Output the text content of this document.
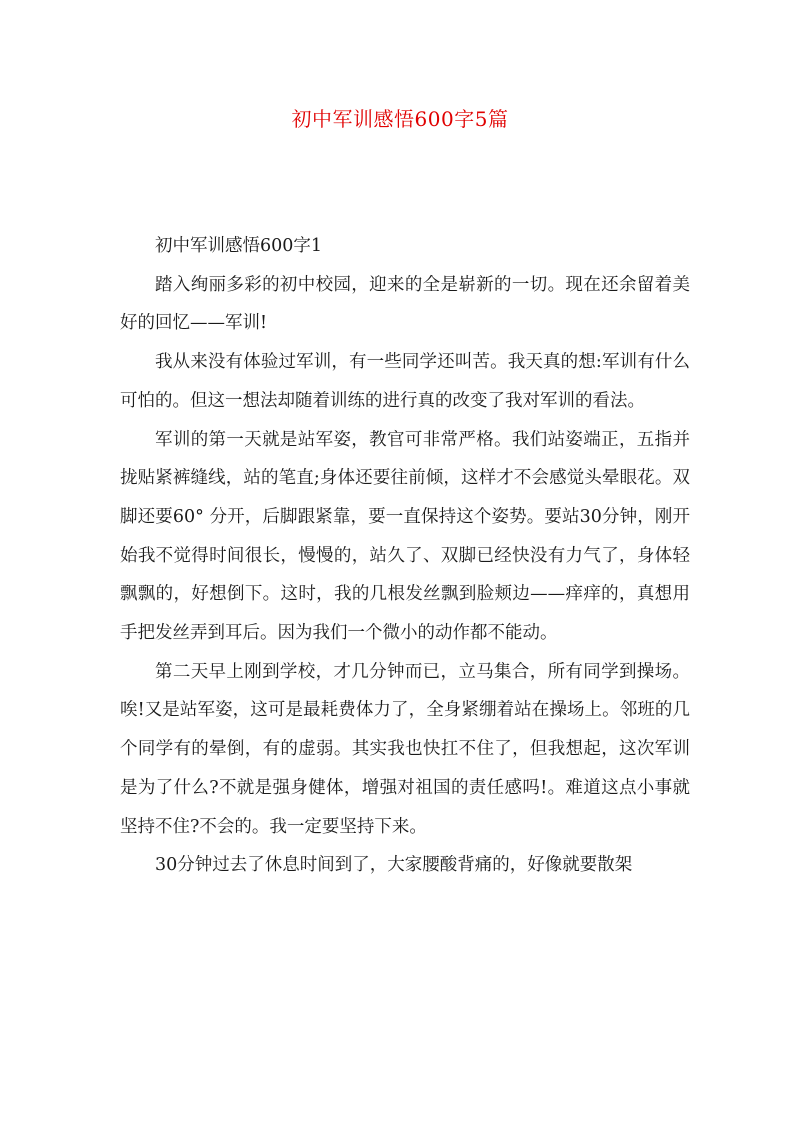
初中军训感悟600字5篇

初中军训感悟600字1

踏入绚丽多彩的初中校园，迎来的全是崭新的一切。现在还余留着美好的回忆——军训!

我从来没有体验过军训，有一些同学还叫苦。我天真的想:军训有什么可怕的。但这一想法却随着训练的进行真的改变了我对军训的看法。

军训的第一天就是站军姿，教官可非常严格。我们站姿端正，五指并拢贴紧裤缝线，站的笔直;身体还要往前倾，这样才不会感觉头晕眼花。双脚还要60° 分开，后脚跟紧靠，要一直保持这个姿势。要站30分钟，刚开始我不觉得时间很长，慢慢的，站久了、双脚已经快没有力气了，身体轻飘飘的，好想倒下。这时，我的几根发丝飘到脸颊边——痒痒的，真想用手把发丝弄到耳后。因为我们一个微小的动作都不能动。

第二天早上刚到学校，才几分钟而已，立马集合，所有同学到操场。唉!又是站军姿，这可是最耗费体力了，全身紧绷着站在操场上。邻班的几个同学有的晕倒，有的虚弱。其实我也快扛不住了，但我想起，这次军训是为了什么?不就是强身健体，增强对祖国的责任感吗!。难道这点小事就坚持不住?不会的。我一定要坚持下来。

30分钟过去了休息时间到了，大家腰酸背痛的，好像就要散架
